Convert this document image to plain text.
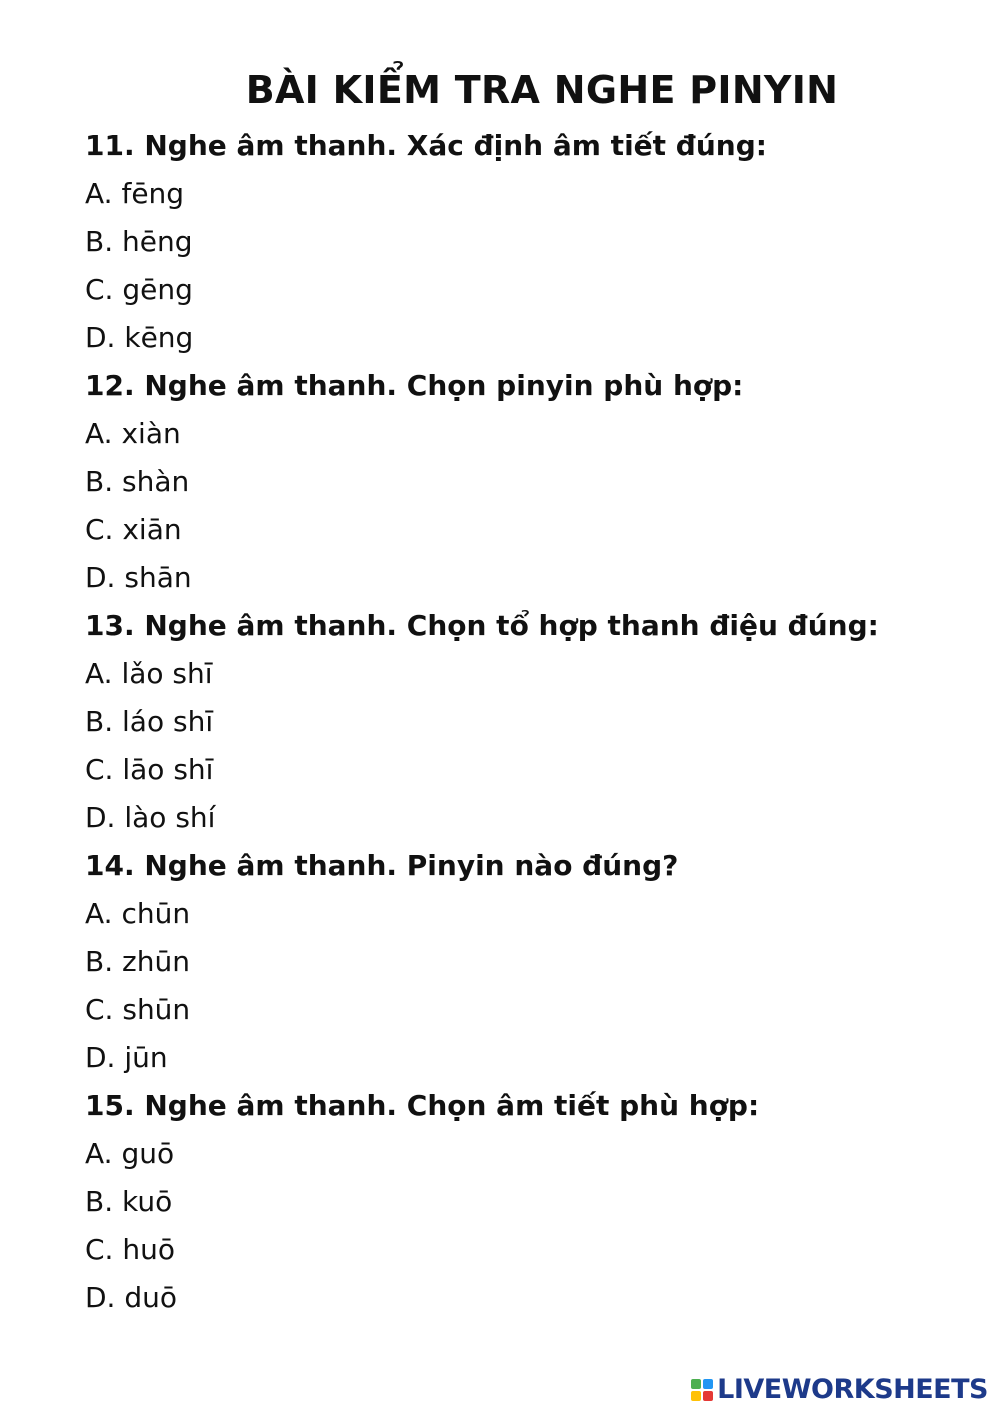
BÀI KIỂM TRA NGHE PINYIN
11. Nghe âm thanh. Xác định âm tiết đúng:
A. fēng
B. hēng
C. gēng
D. kēng
12. Nghe âm thanh. Chọn pinyin phù hợp:
A. xiàn
B. shàn
C. xiān
D. shān
13. Nghe âm thanh. Chọn tổ hợp thanh điệu đúng:
A. lǎo shī
B. láo shī
C. lāo shī
D. lào shí
14. Nghe âm thanh. Pinyin nào đúng?
A. chūn
B. zhūn
C. shūn
D. jūn
15. Nghe âm thanh. Chọn âm tiết phù hợp:
A. guō
B. kuō
C. huō
D. duō
LIVEWORKSHEETS
